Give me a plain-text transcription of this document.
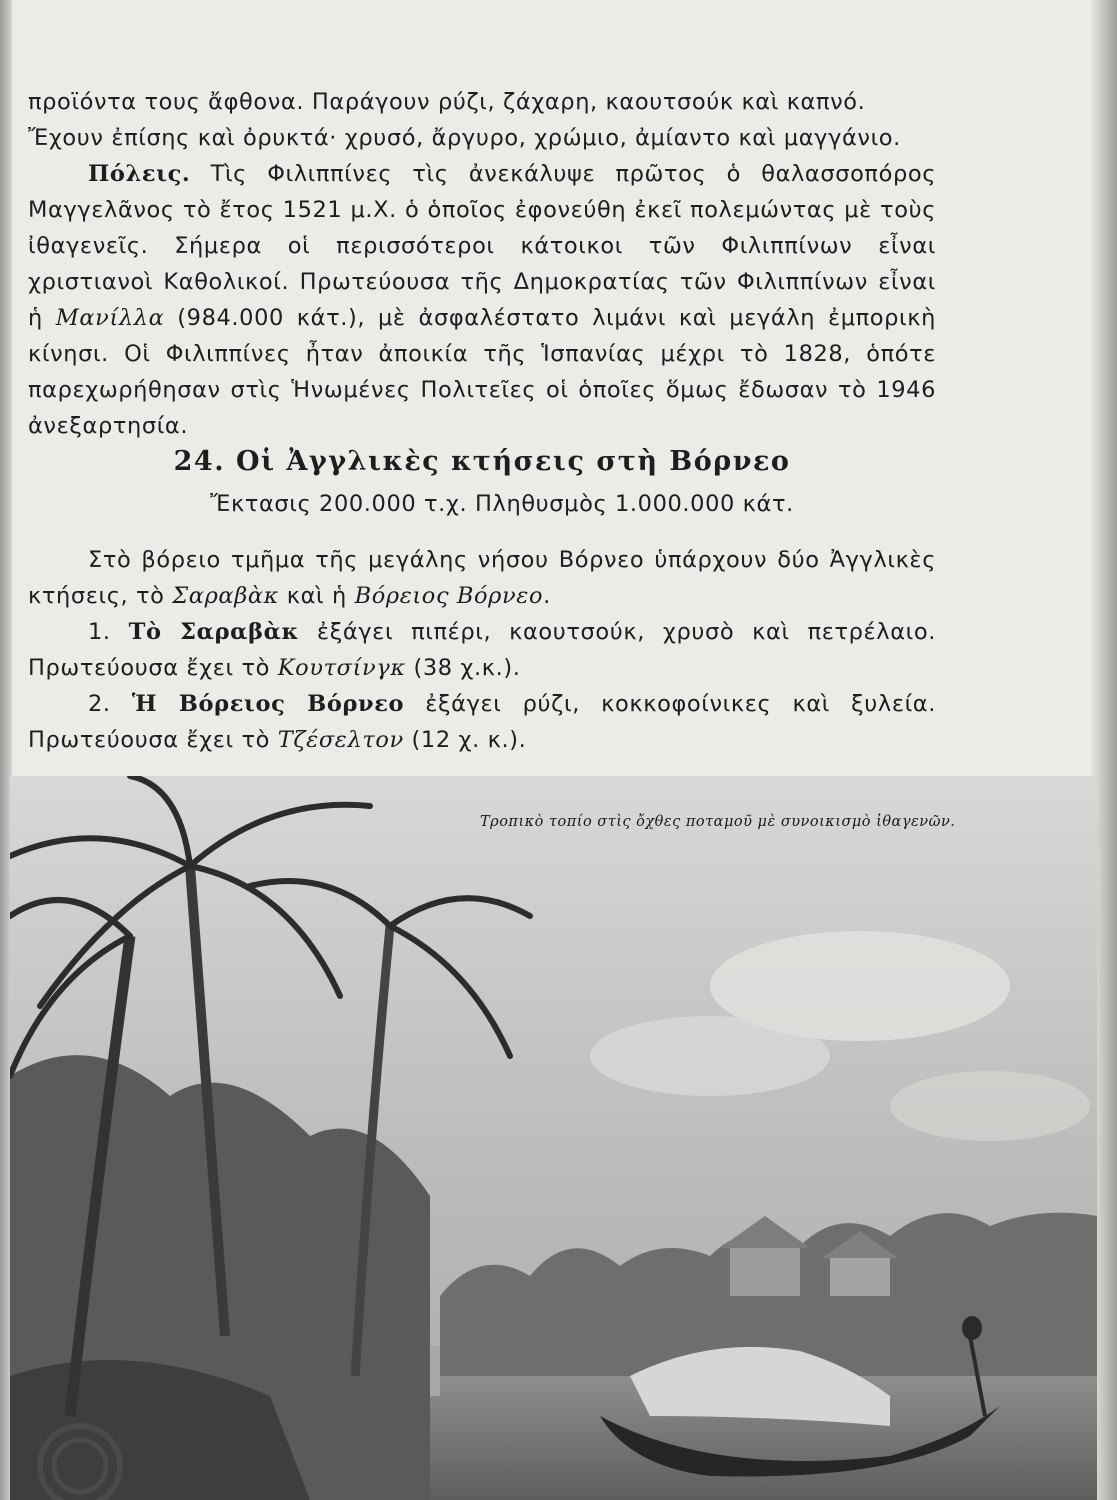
προϊόντα τους ἄφθονα. Παράγουν ρύζι, ζάχαρη, καουτσούκ καὶ καπνό.

Ἔχουν ἐπίσης καὶ ὀρυκτά· χρυσό, ἄργυρο, χρώμιο, ἀμίαντο καὶ μαγγάνιο.

Πόλεις. Τὶς Φιλιππίνες τὶς ἀνεκάλυψε πρῶτος ὁ θαλασσοπόρος Μαγγελᾶνος τὸ ἔτος 1521 μ.Χ. ὁ ὁποῖος ἐφονεύθη ἐκεῖ πολεμώντας μὲ τοὺς ἰθαγενεῖς. Σήμερα οἱ περισσότεροι κάτοικοι τῶν Φιλιππίνων εἶναι χριστιανοὶ Καθολικοί. Πρωτεύουσα τῆς Δημοκρατίας τῶν Φιλιππίνων εἶναι ἡ Μανίλλα (984.000 κάτ.), μὲ ἀσφαλέστατο λιμάνι καὶ μεγάλη ἐμπορικὴ κίνησι. Οἱ Φιλιππίνες ἦταν ἀποικία τῆς Ἱσπανίας μέχρι τὸ 1828, ὁπότε παρεχωρήθησαν στὶς Ἡνωμένες Πολιτεῖες οἱ ὁποῖες ὅμως ἔδωσαν τὸ 1946 ἀνεξαρτησία.

24. Οἱ Ἀγγλικὲς κτήσεις στὴ Βόρνεο

Ἔκτασις 200.000 τ.χ. Πληθυσμὸς 1.000.000 κάτ.

Στὸ βόρειο τμῆμα τῆς μεγάλης νήσου Βόρνεο ὑπάρχουν δύο Ἀγγλικὲς κτήσεις, τὸ Σαραβὰκ καὶ ἡ Βόρειος Βόρνεο.

1. Τὸ Σαραβὰκ ἐξάγει πιπέρι, καουτσούκ, χρυσὸ καὶ πετρέλαιο. Πρωτεύουσα ἔχει τὸ Κουτσίνγκ (38 χ.κ.).

2. Ἡ Βόρειος Βόρνεο ἐξάγει ρύζι, κοκκοφοίνικες καὶ ξυλεία. Πρωτεύουσα ἔχει τὸ Τζέσελτον (12 χ. κ.).

Τροπικὸ τοπίο στὶς ὄχθες ποταμοῦ μὲ συνοικισμὸ ἰθαγενῶν.
